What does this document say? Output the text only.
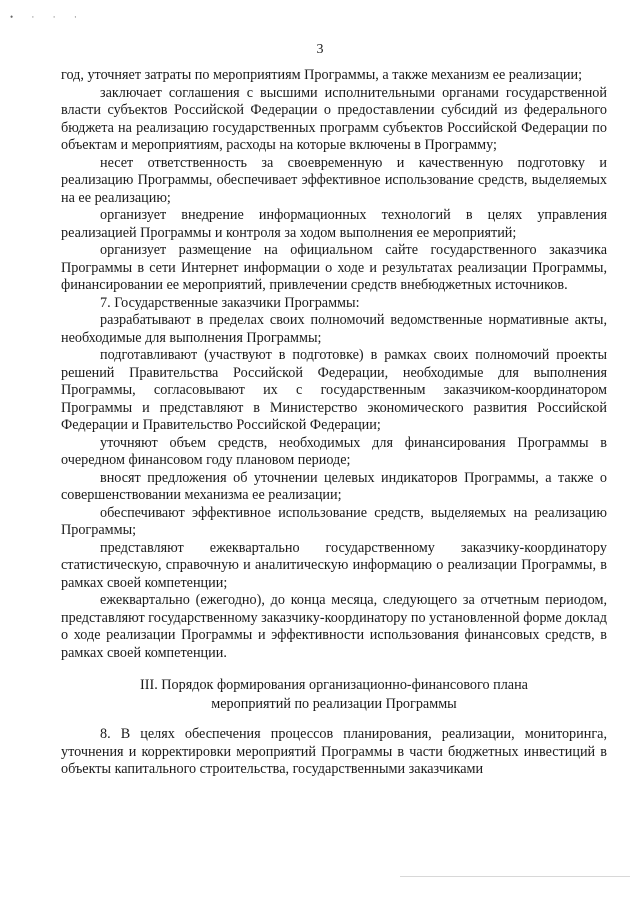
• · · ·
3

год, уточняет затраты по мероприятиям Программы, а также механизм ее реализации;

заключает соглашения с высшими исполнительными органами государственной власти субъектов Российской Федерации о предоставлении субсидий из федерального бюджета на реализацию государственных программ субъектов Российской Федерации по объектам и мероприятиям, расходы на которые включены в Программу;

несет ответственность за своевременную и качественную подготовку и реализацию Программы, обеспечивает эффективное использование средств, выделяемых на ее реализацию;

организует внедрение информационных технологий в целях управления реализацией Программы и контроля за ходом выполнения ее мероприятий;

организует размещение на официальном сайте государственного заказчика Программы в сети Интернет информации о ходе и результатах реализации Программы, финансировании ее мероприятий, привлечении средств внебюджетных источников.

7. Государственные заказчики Программы:

разрабатывают в пределах своих полномочий ведомственные нормативные акты, необходимые для выполнения Программы;

подготавливают (участвуют в подготовке) в рамках своих полномочий проекты решений Правительства Российской Федерации, необходимые для выполнения Программы, согласовывают их с государственным заказчиком-координатором Программы и представляют в Министерство экономического развития Российской Федерации и Правительство Российской Федерации;

уточняют объем средств, необходимых для финансирования Программы в очередном финансовом году плановом периоде;

вносят предложения об уточнении целевых индикаторов Программы, а также о совершенствовании механизма ее реализации;

обеспечивают эффективное использование средств, выделяемых на реализацию Программы;

представляют ежеквартально государственному заказчику-координатору статистическую, справочную и аналитическую информацию о реализации Программы, в рамках своей компетенции;

ежеквартально (ежегодно), до конца месяца, следующего за отчетным периодом, представляют государственному заказчику-координатору по установленной форме доклад о ходе реализации Программы и эффективности использования финансовых средств, в рамках своей компетенции.

III. Порядок формирования организационно-финансового плана
мероприятий по реализации Программы

8. В целях обеспечения процессов планирования, реализации, мониторинга, уточнения и корректировки мероприятий Программы в части бюджетных инвестиций в объекты капитального строительства, государственными заказчиками
